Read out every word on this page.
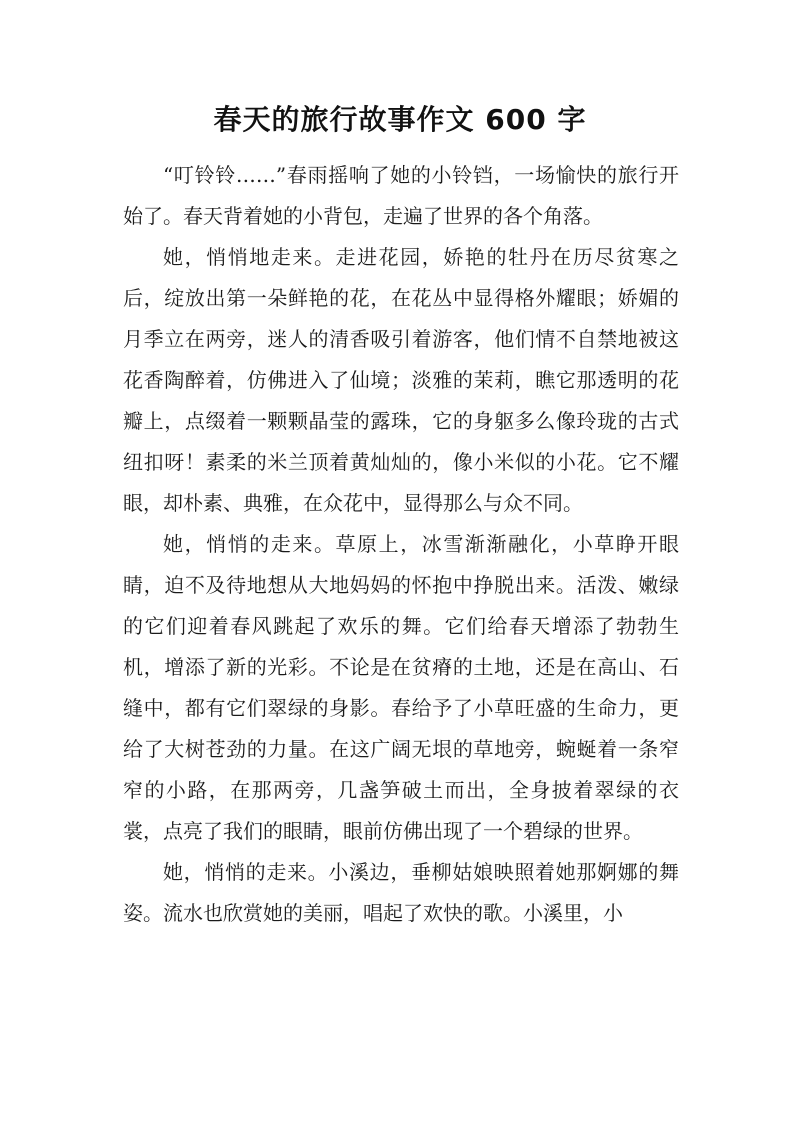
春天的旅行故事作文 600 字

“叮铃铃……”春雨摇响了她的小铃铛，一场愉快的旅行开始了。春天背着她的小背包，走遍了世界的各个角落。

她，悄悄地走来。走进花园，娇艳的牡丹在历尽贫寒之后，绽放出第一朵鲜艳的花，在花丛中显得格外耀眼；娇媚的月季立在两旁，迷人的清香吸引着游客，他们情不自禁地被这花香陶醉着，仿佛进入了仙境；淡雅的茉莉，瞧它那透明的花瓣上，点缀着一颗颗晶莹的露珠，它的身躯多么像玲珑的古式纽扣呀！素柔的米兰顶着黄灿灿的，像小米似的小花。它不耀眼，却朴素、典雅，在众花中，显得那么与众不同。

她，悄悄的走来。草原上，冰雪渐渐融化，小草睁开眼睛，迫不及待地想从大地妈妈的怀抱中挣脱出来。活泼、嫩绿的它们迎着春风跳起了欢乐的舞。它们给春天增添了勃勃生机，增添了新的光彩。不论是在贫瘠的土地，还是在高山、石缝中，都有它们翠绿的身影。春给予了小草旺盛的生命力，更给了大树苍劲的力量。在这广阔无垠的草地旁，蜿蜒着一条窄窄的小路，在那两旁，几盏笋破土而出，全身披着翠绿的衣裳，点亮了我们的眼睛，眼前仿佛出现了一个碧绿的世界。

她，悄悄的走来。小溪边，垂柳姑娘映照着她那婀娜的舞姿。流水也欣赏她的美丽，唱起了欢快的歌。小溪里，小
